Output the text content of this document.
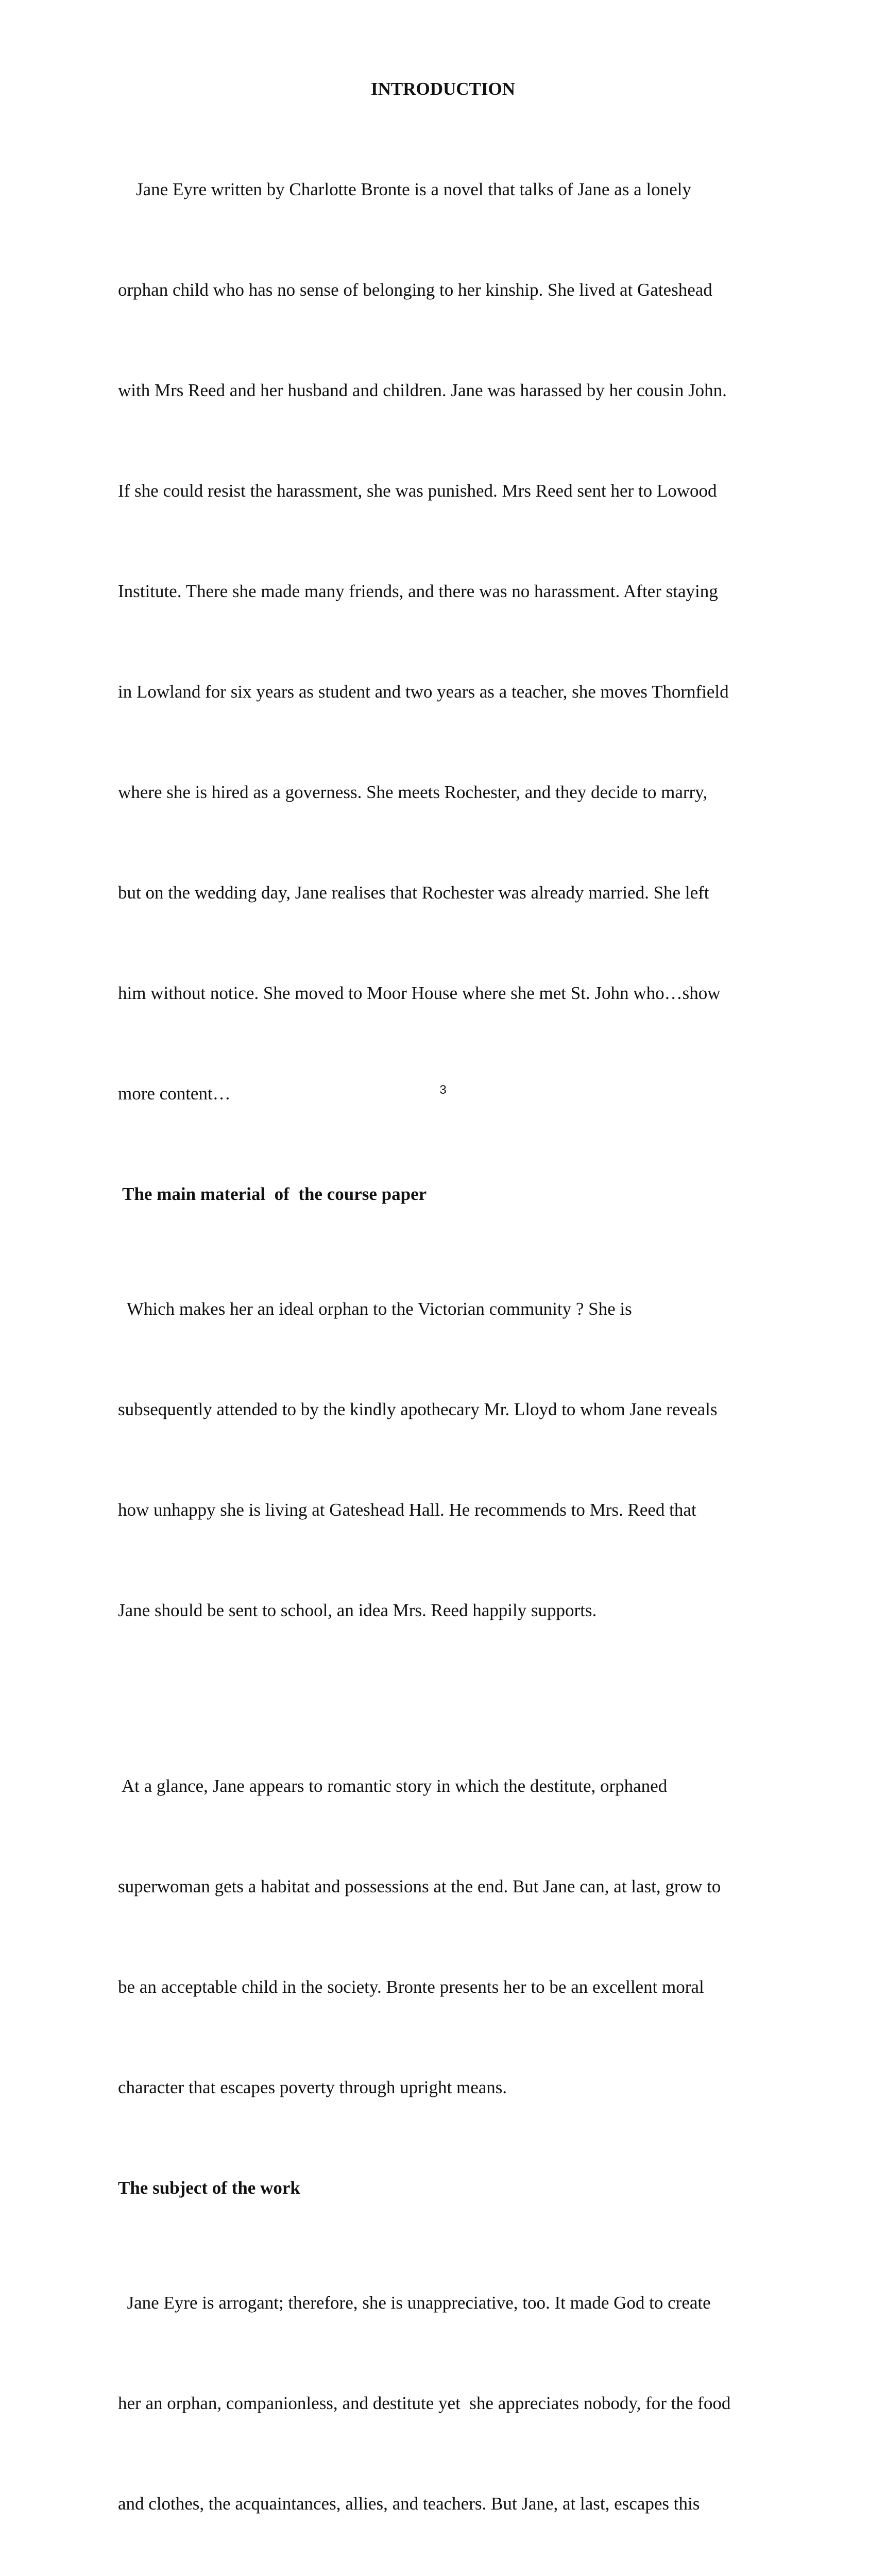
INTRODUCTION

Jane Eyre written by Charlotte Bronte is a novel that talks of Jane as a lonely

orphan child who has no sense of belonging to her kinship. She lived at Gateshead

with Mrs Reed and her husband and children. Jane was harassed by her cousin John.

If she could resist the harassment, she was punished. Mrs Reed sent her to Lowood

Institute. There she made many friends, and there was no harassment. After staying

in Lowland for six years as student and two years as a teacher, she moves Thornfield

where she is hired as a governess. She meets Rochester, and they decide to marry,

but on the wedding day, Jane realises that Rochester was already married. She left

him without notice. She moved to Moor House where she met St. John who…show

more content…

The main material  of  the course paper

Which makes her an ideal orphan to the Victorian community ? She is

subsequently attended to by the kindly apothecary Mr. Lloyd to whom Jane reveals

how unhappy she is living at Gateshead Hall. He recommends to Mrs. Reed that

Jane should be sent to school, an idea Mrs. Reed happily supports.

At a glance, Jane appears to romantic story in which the destitute, orphaned

superwoman gets a habitat and possessions at the end. But Jane can, at last, grow to

be an acceptable child in the society. Bronte presents her to be an excellent moral

character that escapes poverty through upright means.

The subject of the work

Jane Eyre is arrogant; therefore, she is unappreciative, too. It made God to create

her an orphan, companionless, and destitute yet  she appreciates nobody, for the food

and clothes, the acquaintances, allies, and teachers. But Jane, at last, escapes this

3
